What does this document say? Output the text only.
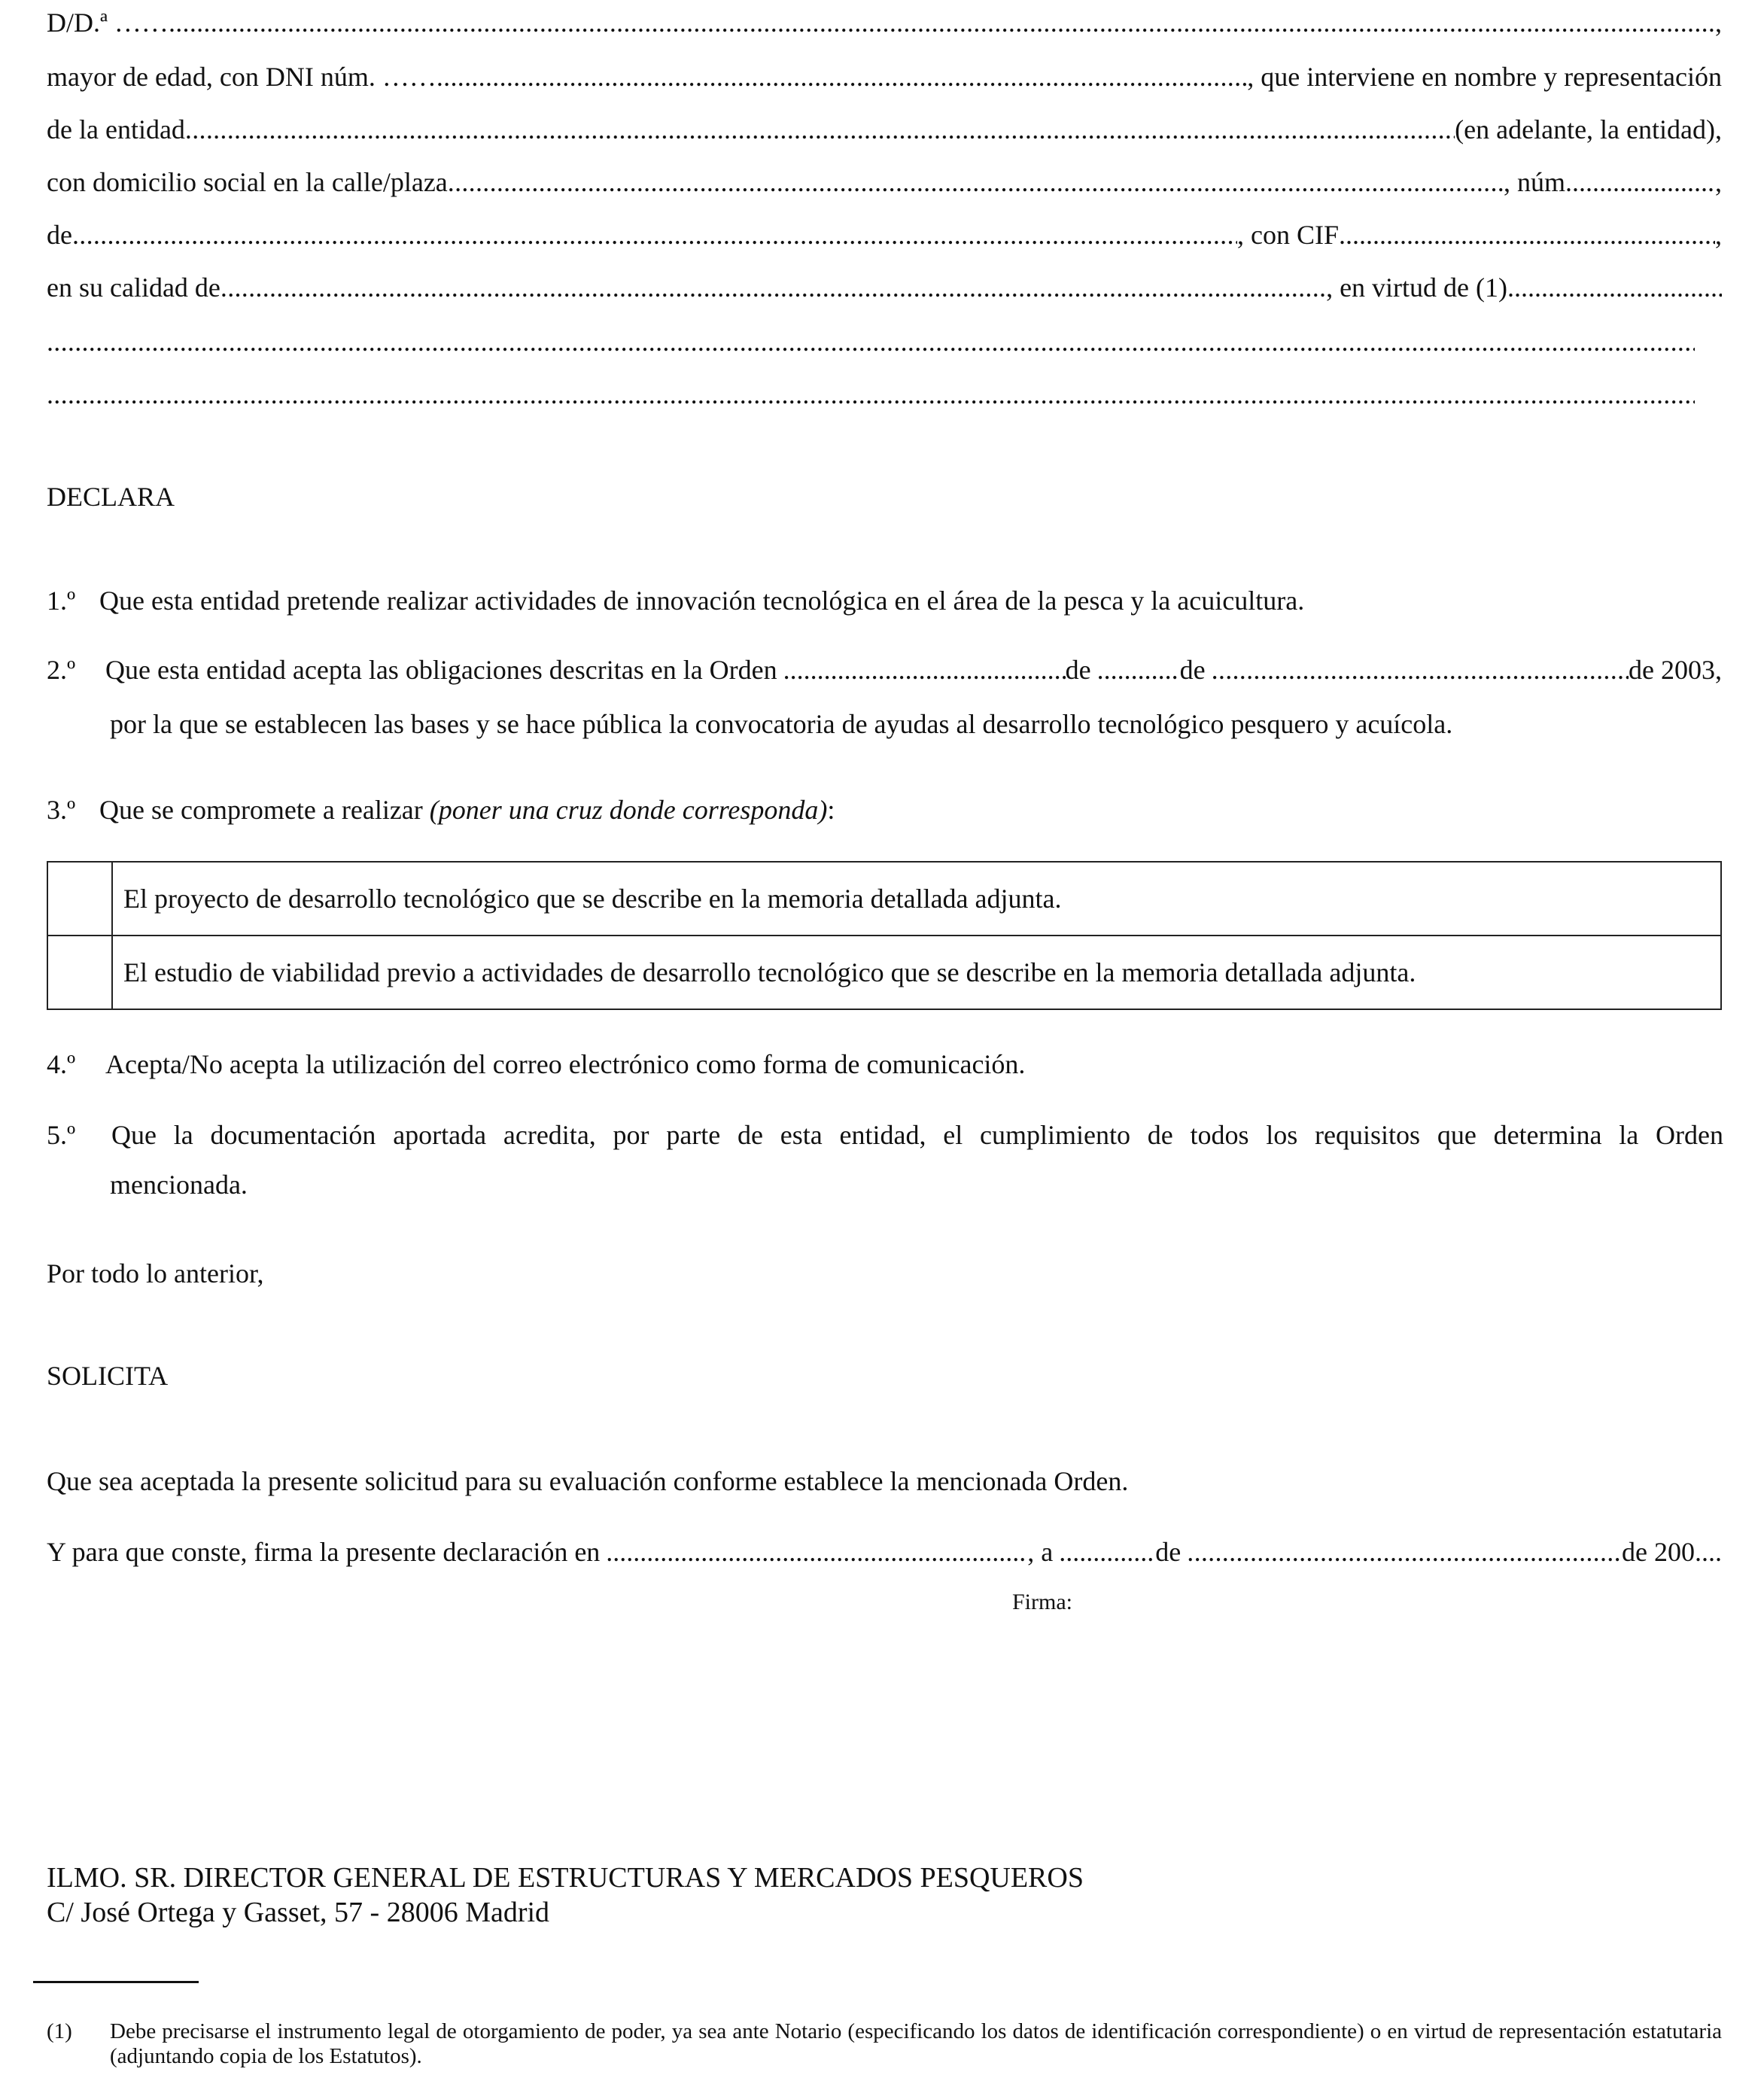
D/D.ª …… .....	,
mayor de edad, con DNI núm. …… .....	, que interviene en nombre y representación
de la entidad .....	(en adelante, la entidad),
con domicilio social en la calle/plaza .....	, núm. .....	,
de .....	, con CIF .....	,
en su calidad de .....	, en virtud de (1)
.....
.....
.....
DECLARA
1.º Que esta entidad pretende realizar actividades de innovación tecnológica en el área de la pesca y la acuicultura.
2.º	Que esta entidad acepta las obligaciones descritas en la Orden .....	de .....	de .....	de 2003,
por la que se establecen las bases y se hace pública la convocatoria de ayudas al desarrollo tecnológico pesquero y acuícola.
3.º Que se compromete a realizar (poner una cruz donde corresponda):
	El proyecto de desarrollo tecnológico que se describe en la memoria detallada adjunta.
	El estudio de viabilidad previo a actividades de desarrollo tecnológico que se describe en la memoria detallada adjunta.
4.º Acepta/No acepta la utilización del correo electrónico como forma de comunicación.
5.º	Que la documentación aportada acredita, por parte de esta entidad, el cumplimiento de todos los requisitos que determina la Orden
mencionada.
Por todo lo anterior,
SOLICITA
Que sea aceptada la presente solicitud para su evaluación conforme establece la mencionada Orden.
Y para que conste, firma la presente declaración en .....	, a .....	de .....	de 200....
Firma:
ILMO. SR. DIRECTOR GENERAL DE ESTRUCTURAS Y MERCADOS PESQUEROS
C/ José Ortega y Gasset, 57 - 28006 Madrid
(1)	Debe precisarse el instrumento legal de otorgamiento de poder, ya sea ante Notario (especificando los datos de identificación correspondiente) o en virtud de representación estatutaria (adjuntando copia de los Estatutos).
